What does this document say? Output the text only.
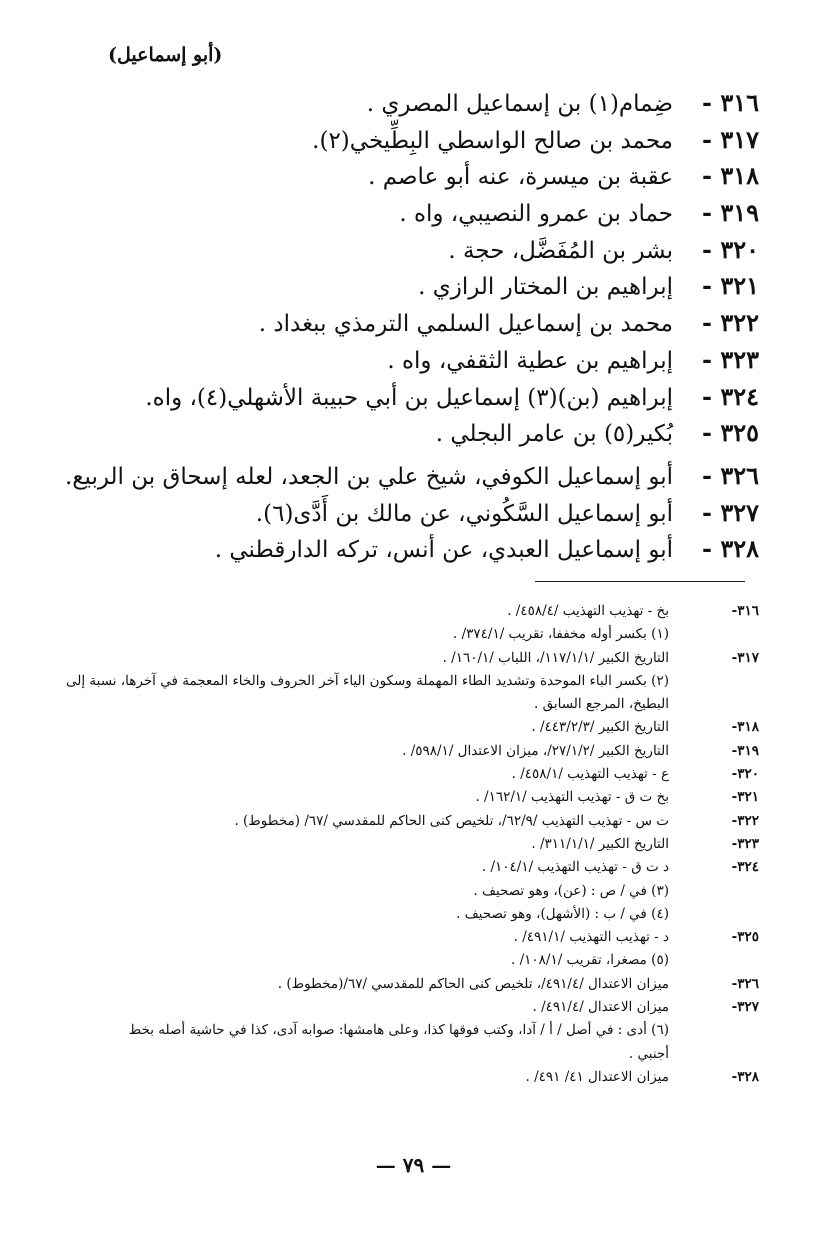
(أبو إسماعيل)
٣١٦ -
ضِمام(١) بن إسماعيل المصري .
٣١٧ -
محمد بن صالح الواسطي البِطِّيخي(٢).
٣١٨ -
عقبة بن ميسرة، عنه أبو عاصم .
٣١٩ -
حماد بن عمرو النصيبي، واه .
٣٢٠ -
بشر بن المُفَضَّل، حجة .
٣٢١ -
إبراهيم بن المختار الرازي .
٣٢٢ -
محمد بن إسماعيل السلمي الترمذي ببغداد .
٣٢٣ -
إبراهيم بن عطية الثقفي، واه .
٣٢٤ -
إبراهيم (بن)(٣) إسماعيل بن أبي حبيبة الأشهلي(٤)، واه.
٣٢٥ -
بُكير(٥) بن عامر البجلي .
٣٢٦ -
أبو إسماعيل الكوفي، شيخ علي بن الجعد، لعله إسحاق بن الربيع.
٣٢٧ -
أبو إسماعيل السَّكُوني، عن مالك بن أَدَّى(٦).
٣٢٨ -
أبو إسماعيل العبدي، عن أنس، تركه الدارقطني .
٣١٦-
بخ - تهذيب التهذيب /٤٥٨/٤/ .
(١) بكسر أوله مخففا، تقريب /٣٧٤/١/ .
٣١٧-
التاريخ الكبير /١١٧/١/١/، اللباب /١٦٠/١/ .
(٢) بكسر الباء الموحدة وتشديد الطاء المهملة وسكون الياء آخر الحروف والخاء المعجمة في آخرها، نسبة إلى
البطيخ، المرجع السابق .
٣١٨-
التاريخ الكبير /٤٤٣/٢/٣/ .
٣١٩-
التاريخ الكبير /٢٧/١/٢/، ميزان الاعتدال /٥٩٨/١/ .
٣٢٠-
ع - تهذيب التهذيب /٤٥٨/١/ .
٣٢١-
بخ ت ق - تهذيب التهذيب /١٦٢/١/ .
٣٢٢-
ت س - تهذيب التهذيب /٦٢/٩/، تلخيص كنى الحاكم للمقدسي /٦٧/ (مخطوط) .
٣٢٣-
التاريخ الكبير /٣١١/١/١/ .
٣٢٤-
د ت ق - تهذيب التهذيب /١٠٤/١/ .
(٣) في / ص : (عن)، وهو تصحيف .
(٤) في / ب : (الأشهل)، وهو تصحيف .
٣٢٥-
د - تهذيب التهذيب /٤٩١/١/ .
(٥) مصغرا، تقريب /١٠٨/١/ .
٣٢٦-
ميزان الاعتدال /٤٩١/٤/، تلخيص كنى الحاكم للمقدسي /٦٧/(مخطوط) .
٣٢٧-
ميزان الاعتدال /٤٩١/٤/ .
(٦) أدى : في أصل / أ / آدا، وكتب فوقها كذا، وعلى هامشها: صوابه آدى، كذا في حاشية أصله بخط
أجنبي .
٣٢٨-
ميزان الاعتدال ٤١/ ٤٩١/ .
— ٧٩ —
